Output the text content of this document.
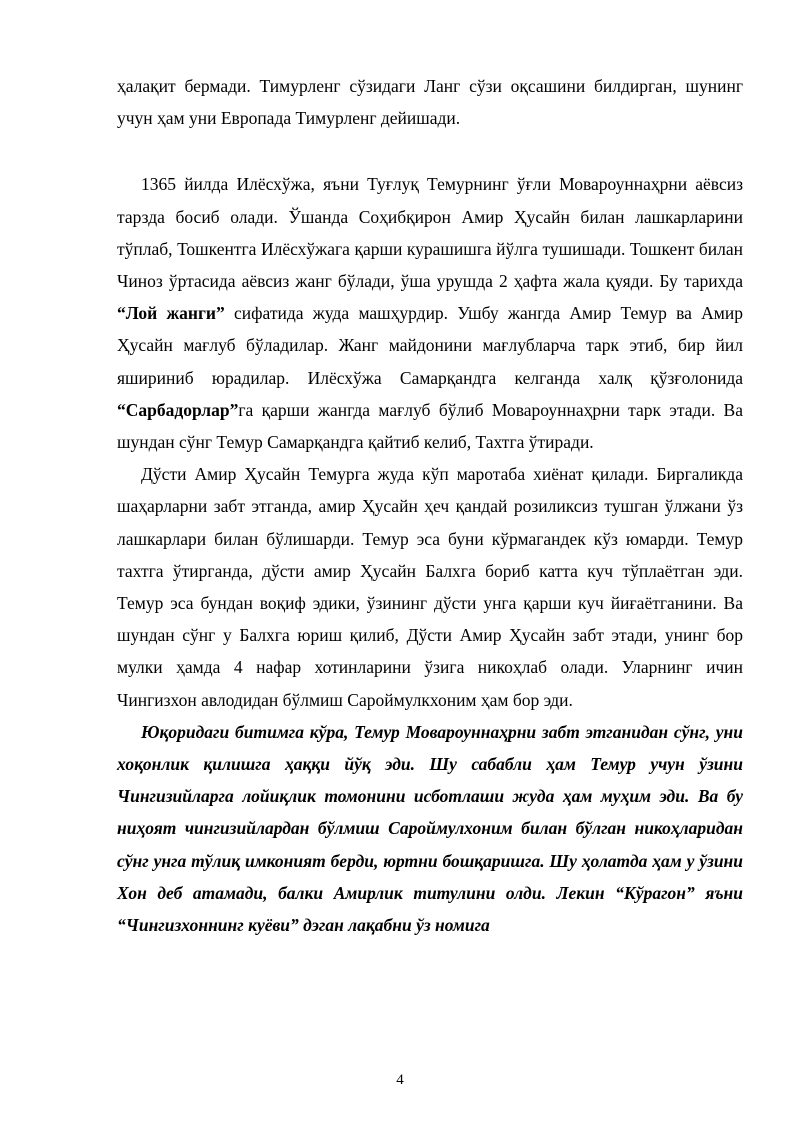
ҳалақит бермади. Тимурленг сўзидаги Ланг сўзи оқсашини билдирган, шунинг учун ҳам уни Европада Тимурленг дейишади.

1365 йилда Илёсхўжа, яъни Туғлуқ Темурнинг ўғли Мовароуннаҳрни аёвсиз тарзда босиб олади. Ўшанда Соҳибқирон Амир Ҳусайн билан лашкарларини тўплаб, Тошкентга Илёсхўжага қарши курашишга йўлга тушишади. Тошкент билан Чиноз ўртасида аёвсиз жанг бўлади, ўша урушда 2 ҳафта жала қуяди. Бу тарихда “Лой жанги” сифатида жуда машҳурдир. Ушбу жангда Амир Темур ва Амир Ҳусайн мағлуб бўладилар. Жанг майдонини мағлубларча тарк этиб, бир йил яшириниб юрадилар. Илёсхўжа Самарқандга келганда халқ қўзғолонида “Сарбадорлар”га қарши жангда мағлуб бўлиб Мовароуннаҳрни тарк этади. Ва шундан сўнг Темур Самарқандга қайтиб келиб, Тахтга ўтиради.

Дўсти Амир Ҳусайн Темурга жуда кўп маротаба хиёнат қилади. Биргаликда шаҳарларни забт этганда, амир Ҳусайн ҳеч қандай розиликсиз тушган ўлжани ўз лашкарлари билан бўлишарди. Темур эса буни кўрмагандек кўз юмарди. Темур тахтга ўтирганда, дўсти амир Ҳусайн Балхга бориб катта куч тўплаётган эди. Темур эса бундан воқиф эдики, ўзининг дўсти унга қарши куч йиғаётганини. Ва шундан сўнг у Балхга юриш қилиб, Дўсти Амир Ҳусайн забт этади, унинг бор мулки ҳамда 4 нафар хотинларини ўзига никоҳлаб олади. Уларнинг ичин Чингизхон авлодидан бўлмиш Сароймулкхоним ҳам бор эди.

Юқоридаги битимга кўра, Темур Мовароуннаҳрни забт этганидан сўнг, уни хоқонлик қилишга ҳаққи йўқ эди. Шу сабабли ҳам Темур учун ўзини Чингизийларга лойиқлик томонини исботлаши жуда ҳам муҳим эди. Ва бу ниҳоят чингизийлардан бўлмиш Сароймулхоним билан бўлган никоҳларидан сўнг унга тўлиқ имконият берди, юртни бошқаришга. Шу ҳолатда ҳам у ўзини Хон деб атамади, балки Амирлик титулини олди. Лекин “Кўрагон” яъни “Чингизхоннинг куёви” дэган лақабни ўз номига

4
